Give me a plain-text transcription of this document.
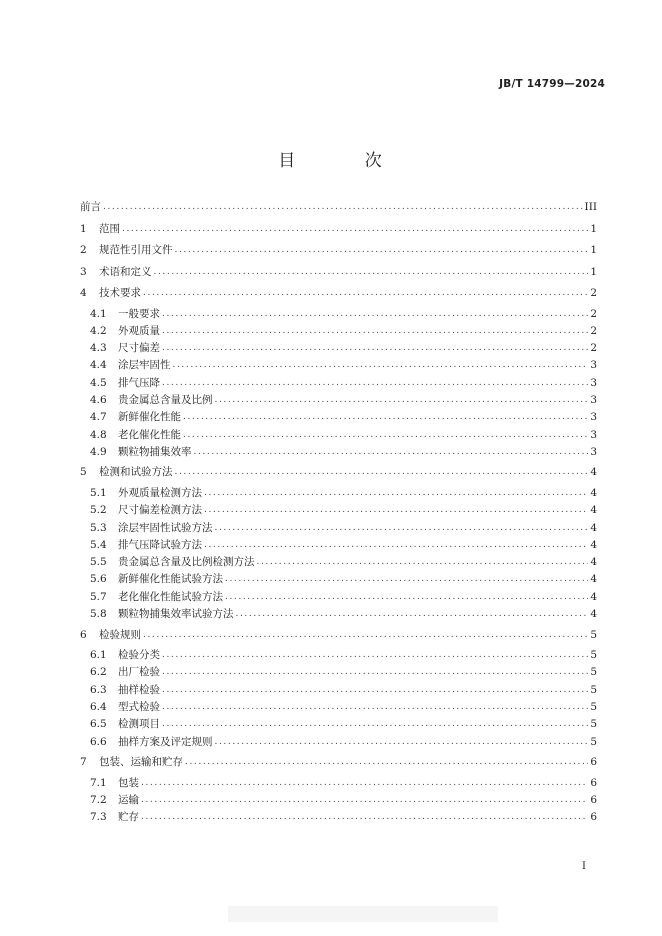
JB/T 14799—2024
目 次
前言 .....	III
1	范围 .....	1
2	规范性引用文件 .....	1
3	术语和定义 .....	1
4	技术要求 .....	2
4.1	一般要求 .....	2
4.2	外观质量 .....	2
4.3	尺寸偏差 .....	2
4.4	涂层牢固性 .....	3
4.5	排气压降 .....	3
4.6	贵金属总含量及比例 .....	3
4.7	新鲜催化性能 .....	3
4.8	老化催化性能 .....	3
4.9	颗粒物捕集效率 .....	3
5	检测和试验方法 .....	4
5.1	外观质量检测方法 .....	4
5.2	尺寸偏差检测方法 .....	4
5.3	涂层牢固性试验方法 .....	4
5.4	排气压降试验方法 .....	4
5.5	贵金属总含量及比例检测方法 .....	4
5.6	新鲜催化性能试验方法 .....	4
5.7	老化催化性能试验方法 .....	4
5.8	颗粒物捕集效率试验方法 .....	4
6	检验规则 .....	5
6.1	检验分类 .....	5
6.2	出厂检验 .....	5
6.3	抽样检验 .....	5
6.4	型式检验 .....	5
6.5	检测项目 .....	5
6.6	抽样方案及评定规则 .....	5
7	包装、运输和贮存 .....	6
7.1	包装 .....	6
7.2	运输 .....	6
7.3	贮存 .....	6
I
